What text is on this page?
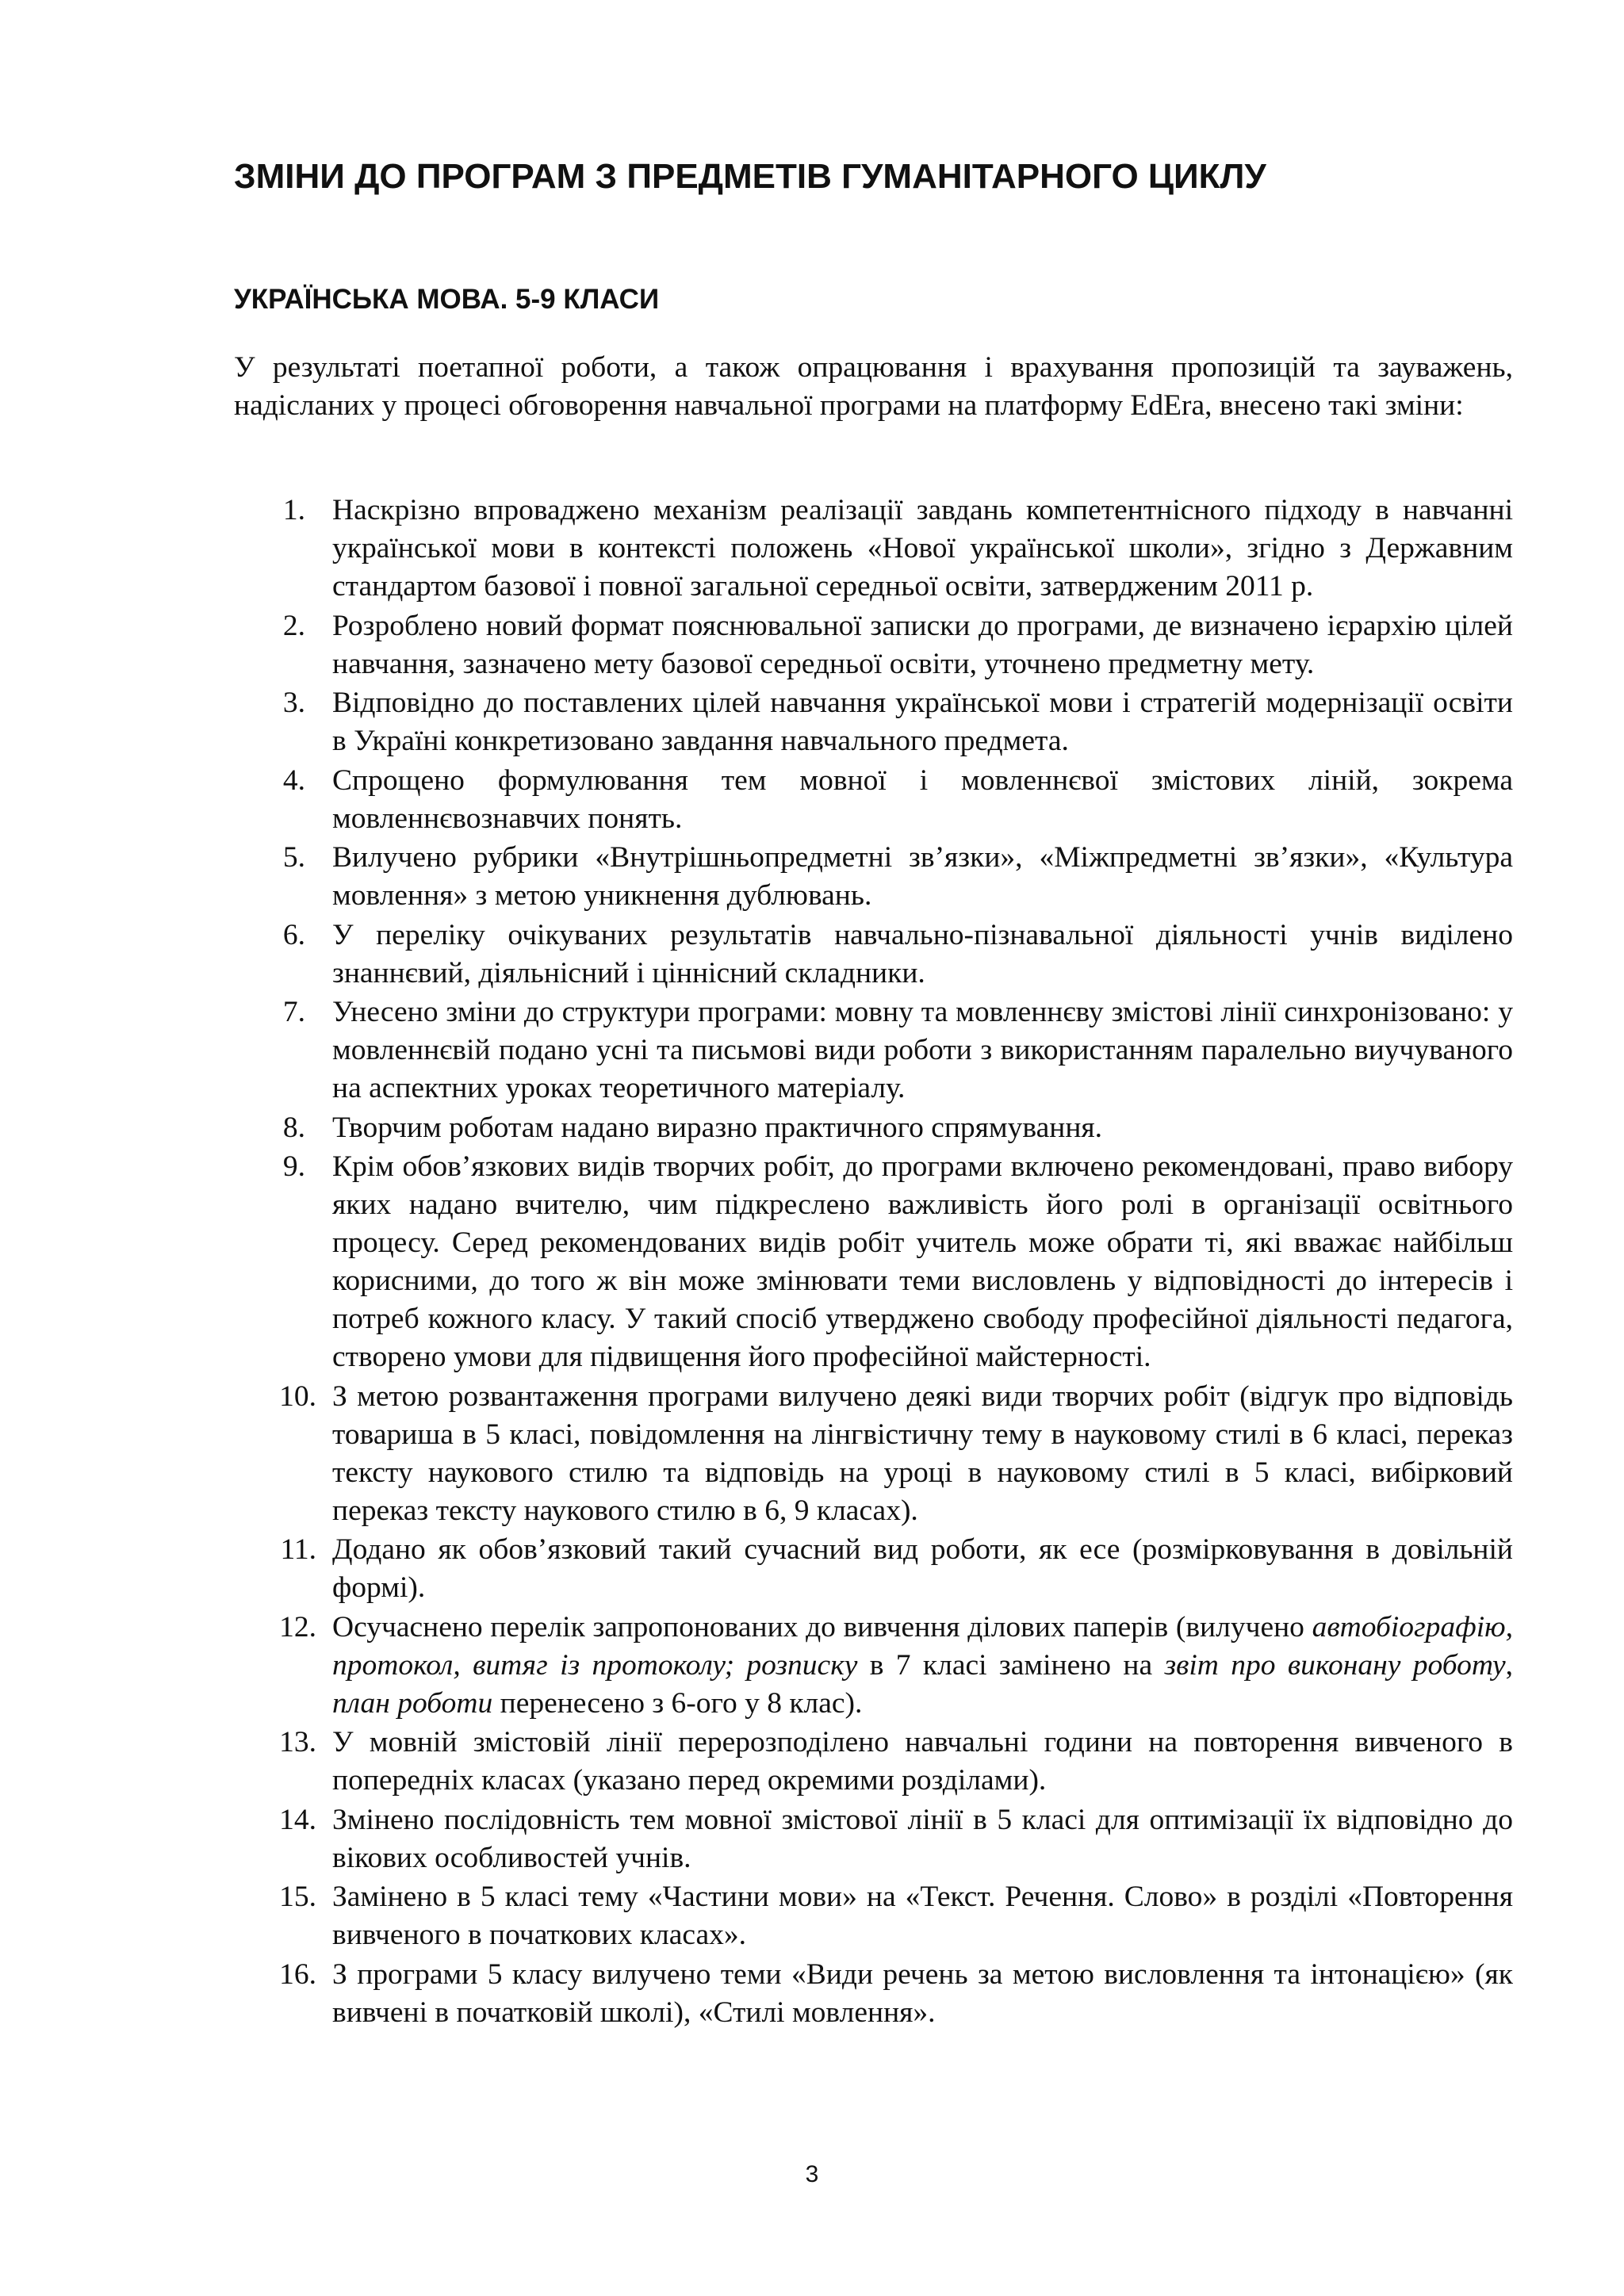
ЗМІНИ ДО ПРОГРАМ З ПРЕДМЕТІВ ГУМАНІТАРНОГО ЦИКЛУ
УКРАЇНСЬКА МОВА. 5-9 КЛАСИ

У результаті поетапної роботи, а також опрацювання і врахування пропозицій та зауважень, надісланих у процесі обговорення навчальної програми на платформу EdEra, внесено такі зміни:

1. Наскрізно впроваджено механізм реалізації завдань компетентнісного підходу в навчанні української мови в контексті положень «Нової української школи», згідно з Державним стандартом базової і повної загальної середньої освіти, затвердженим 2011 р.
2. Розроблено новий формат пояснювальної записки до програми, де визначено ієрархію цілей навчання, зазначено мету базової середньої освіти, уточнено предметну мету.
3. Відповідно до поставлених цілей навчання української мови і стратегій модернізації освіти в Україні конкретизовано завдання навчального предмета.
4. Спрощено формулювання тем мовної і мовленнєвої змістових ліній, зокрема мовленнєвознавчих понять.
5. Вилучено рубрики «Внутрішньопредметні зв’язки», «Міжпредметні зв’язки», «Культура мовлення» з метою уникнення дублювань.
6. У переліку очікуваних результатів навчально-пізнавальної діяльності учнів виділено знаннєвий, діяльнісний і ціннісний складники.
7. Унесено зміни до структури програми: мовну та мовленнєву змістові лінії синхронізовано: у мовленнєвій подано усні та письмові види роботи з використанням паралельно виучуваного на аспектних уроках теоретичного матеріалу.
8. Творчим роботам надано виразно практичного спрямування.
9. Крім обов’язкових видів творчих робіт, до програми включено рекомендовані, право вибору яких надано вчителю, чим підкреслено важливість його ролі в організації освітнього процесу. Серед рекомендованих видів робіт учитель може обрати ті, які вважає найбільш корисними, до того ж він може змінювати теми висловлень у відповідності до інтересів і потреб кожного класу. У такий спосіб утверджено свободу професійної діяльності педагога, створено умови для підвищення його професійної майстерності.
10. З метою розвантаження програми вилучено деякі види творчих робіт (відгук про відповідь товариша в 5 класі, повідомлення на лінгвістичну тему в науковому стилі в 6 класі, переказ тексту наукового стилю та відповідь на уроці в науковому стилі в 5 класі, вибірковий переказ тексту наукового стилю в 6, 9 класах).
11. Додано як обов’язковий такий сучасний вид роботи, як есе (розмірковування в довільній формі).
12. Осучаснено перелік запропонованих до вивчення ділових паперів (вилучено автобіографію, протокол, витяг із протоколу; розписку в 7 класі замінено на звіт про виконану роботу, план роботи перенесено з 6-ого у 8 клас).
13. У мовній змістовій лінії перерозподілено навчальні години на повторення вивченого в попередніх класах (указано перед окремими розділами).
14. Змінено послідовність тем мовної змістової лінії в 5 класі для оптимізації їх відповідно до вікових особливостей учнів.
15. Замінено в 5 класі тему «Частини мови» на «Текст. Речення. Слово» в розділі «Повторення вивченого в початкових класах».
16. З програми 5 класу вилучено теми «Види речень за метою висловлення та інтонацією» (як вивчені в початковій школі), «Стилі мовлення».
3
